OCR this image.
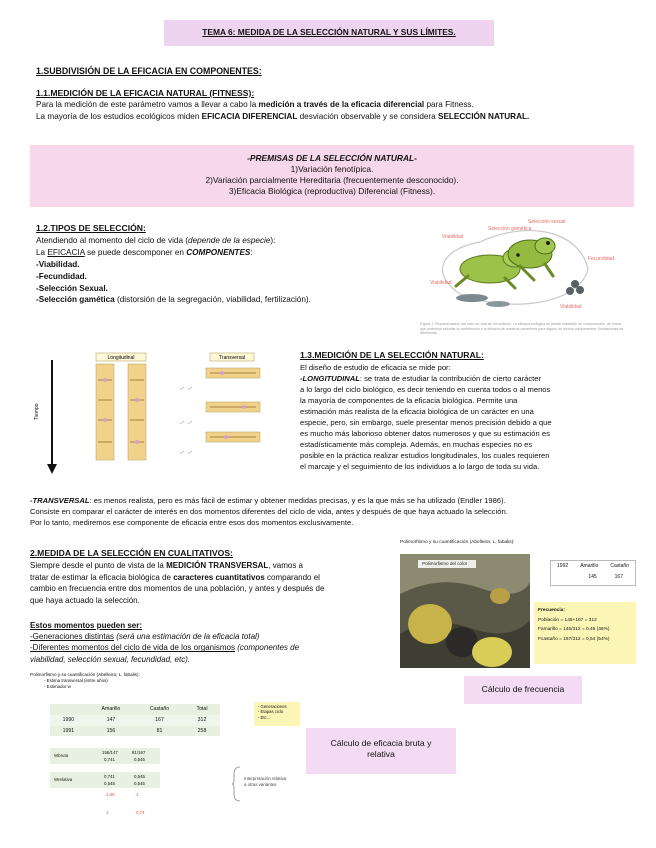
TEMA 6: MEDIDA DE LA SELECCIÓN NATURAL Y SUS LÍMITES.
1.SUBDIVISIÓN DE LA EFICACIA EN COMPONENTES:
1.1.MEDICIÓN DE LA EFICACIA NATURAL (FITNESS):
Para la medición de este parámetro vamos a llevar a cabo la medición a través de la eficacia diferencial para Fitness.
La mayoría de los estudios ecológicos miden EFICACIA DIFERENCIAL desviación observable y se considera SELECCIÓN NATURAL.
-PREMISAS DE LA SELECCIÓN NATURAL-
1)Variación fenotípica.
2)Variación parcialmente Hereditaria (frecuentemente desconocido).
3)Eficacia Biológica (reproductiva) Diferencial (Fitness).
1.2.TIPOS DE SELECCIÓN:
Atendiendo al momento del ciclo de vida (depende de la especie):
La EFICACIA se puede descomponer en COMPONENTES:
-Viabilidad.
-Fecundidad.
-Selección Sexual.
-Selección gamética (distorsión de la segregación, viabilidad, fertilización).
Selección sexual
Selección gamética
Viabilidad
Fecundidad
Viabilidad
Viabilidad
Figura 1. Representación del ciclo de vida de los anfibios. La eficacia biológica se puede subdividir en componentes, de forma que podemos estudiar la contribución a la eficacia de nuestros caracteres para alguno de dichos componentes. Ilustraciones de Wikimedia.
Tiempo
Longitudinal	Transversal	1.3.MEDICIÓN DE LA SELECCIÓN NATURAL:
El diseño de estudio de eficacia se mide por:
-LONGITUDINAL: se trata de estudiar la contribución de cierto carácter
a lo largo del ciclo biológico, es decir teniendo en cuenta todos o al menos
la mayoría de componentes de la eficacia biológica. Permite una
estimación más realista de la eficacia biológica de un carácter en una
especie, pero, sin embargo, suele presentar menos precisión debido a que
es mucho más laborioso obtener datos numerosos y que su estimación es
estadísticamente más compleja. Además, en muchas especies no es
posible en la práctica realizar estudios longitudinales, los cuales requieren
el marcaje y el seguimiento de los individuos a lo largo de toda su vida.
-TRANSVERSAL: es menos realista, pero es más fácil de estimar y obtener medidas precisas, y es la que más se ha utilizado (Endler 1986).
Consiste en comparar el carácter de interés en dos momentos diferentes del ciclo de vida, antes y después de que haya actuado la selección.
Por lo tanto, mediremos ese componente de eficacia entre esos dos momentos exclusivamente.
2.MEDIDA DE LA SELECCIÓN EN CUALITATIVOS:
Siempre desde el punto de vista de la MEDICIÓN TRANSVERSAL, vamos a
tratar de estimar la eficacia biológica de caracteres cuantitativos comparando el
cambio en frecuencia entre dos momentos de una población, y antes y después de
que haya actuado la selección.
Estos momentos pueden ser:
-Generaciones distintas (será una estimación de la eficacia total)
-Diferentes momentos del ciclo de vida de los organismos (componentes de
viabilidad, selección sexual, fecundidad, etc).
Polimorfismo y su cuantificación (Abelleira; L. fabalis):
Polimorfismo del color	1992 Amarillo Castaño
145	167
Frecuencia:
Población = 145+167 = 312
Famarillo = 145/312 = 0,46 (46%)
Fcastaño = 167/312 = 0,54 (54%)
Cálculo de frecuencia
Polimorfismo y su cuantificación (Abelleira; L. fabalis):
- Estima transversal (entre años)
- Estimador w
	Amarillo	Castaño	Total
1990	147	167	312
1991	156	81	258
Wbruta
156/147	81/167
0,741	0,545
Wrelativa
0,741	0,545
0,545	0,545
1,36	1
1	0,74
- Generaciones
- Etapas ciclo
- Etc...
Interpretación relativa
a otras variantes
Cálculo de eficacia bruta y relativa
